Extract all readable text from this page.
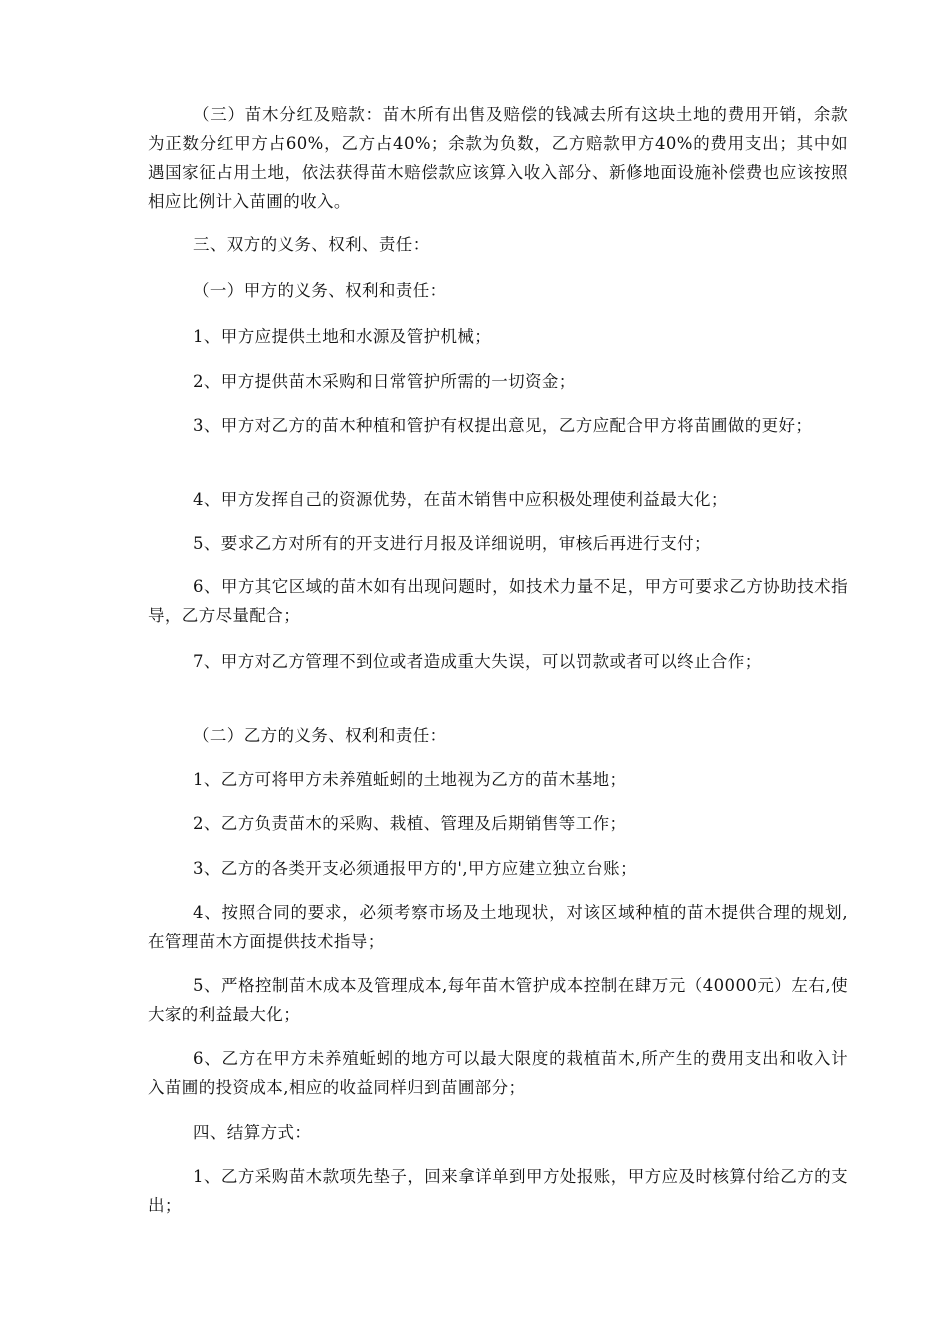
（三）苗木分红及赔款：苗木所有出售及赔偿的钱减去所有这块土地的费用开销，余款为正数分红甲方占60%，乙方占40%；余款为负数，乙方赔款甲方40%的费用支出；其中如遇国家征占用土地，依法获得苗木赔偿款应该算入收入部分、新修地面设施补偿费也应该按照相应比例计入苗圃的收入。

三、双方的义务、权利、责任：

（一）甲方的义务、权利和责任：

1、甲方应提供土地和水源及管护机械；

2、甲方提供苗木采购和日常管护所需的一切资金；

3、甲方对乙方的苗木种植和管护有权提出意见，乙方应配合甲方将苗圃做的更好；

4、甲方发挥自己的资源优势，在苗木销售中应积极处理使利益最大化；

5、要求乙方对所有的开支进行月报及详细说明，审核后再进行支付；

6、甲方其它区域的苗木如有出现问题时，如技术力量不足，甲方可要求乙方协助技术指导，乙方尽量配合；

7、甲方对乙方管理不到位或者造成重大失误，可以罚款或者可以终止合作；

（二）乙方的义务、权利和责任：

1、乙方可将甲方未养殖蚯蚓的土地视为乙方的苗木基地；

2、乙方负责苗木的采购、栽植、管理及后期销售等工作；

3、乙方的各类开支必须通报甲方的',甲方应建立独立台账；

4、按照合同的要求，必须考察市场及土地现状，对该区域种植的苗木提供合理的规划,在管理苗木方面提供技术指导；

5、严格控制苗木成本及管理成本,每年苗木管护成本控制在肆万元（40000元）左右,使大家的利益最大化；

6、乙方在甲方未养殖蚯蚓的地方可以最大限度的栽植苗木,所产生的费用支出和收入计入苗圃的投资成本,相应的收益同样归到苗圃部分；

四、结算方式：

1、乙方采购苗木款项先垫子，回来拿详单到甲方处报账，甲方应及时核算付给乙方的支出；
